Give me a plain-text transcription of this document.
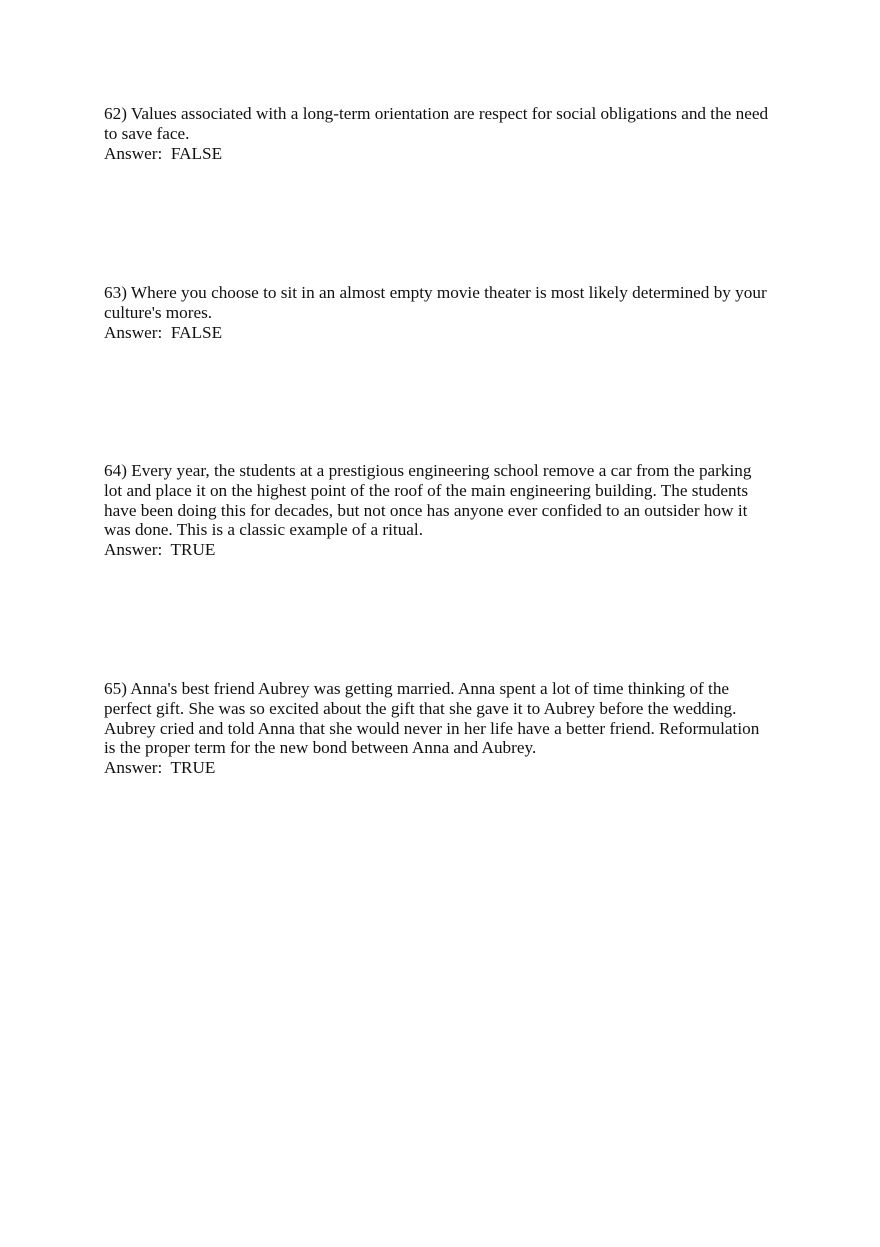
62) Values associated with a long-term orientation are respect for social obligations and the need
to save face.
Answer:  FALSE
63) Where you choose to sit in an almost empty movie theater is most likely determined by your
culture's mores.
Answer:  FALSE
64) Every year, the students at a prestigious engineering school remove a car from the parking
lot and place it on the highest point of the roof of the main engineering building. The students
have been doing this for decades, but not once has anyone ever confided to an outsider how it
was done. This is a classic example of a ritual.
Answer:  TRUE
65) Anna's best friend Aubrey was getting married. Anna spent a lot of time thinking of the
perfect gift. She was so excited about the gift that she gave it to Aubrey before the wedding.
Aubrey cried and told Anna that she would never in her life have a better friend. Reformulation
is the proper term for the new bond between Anna and Aubrey.
Answer:  TRUE
